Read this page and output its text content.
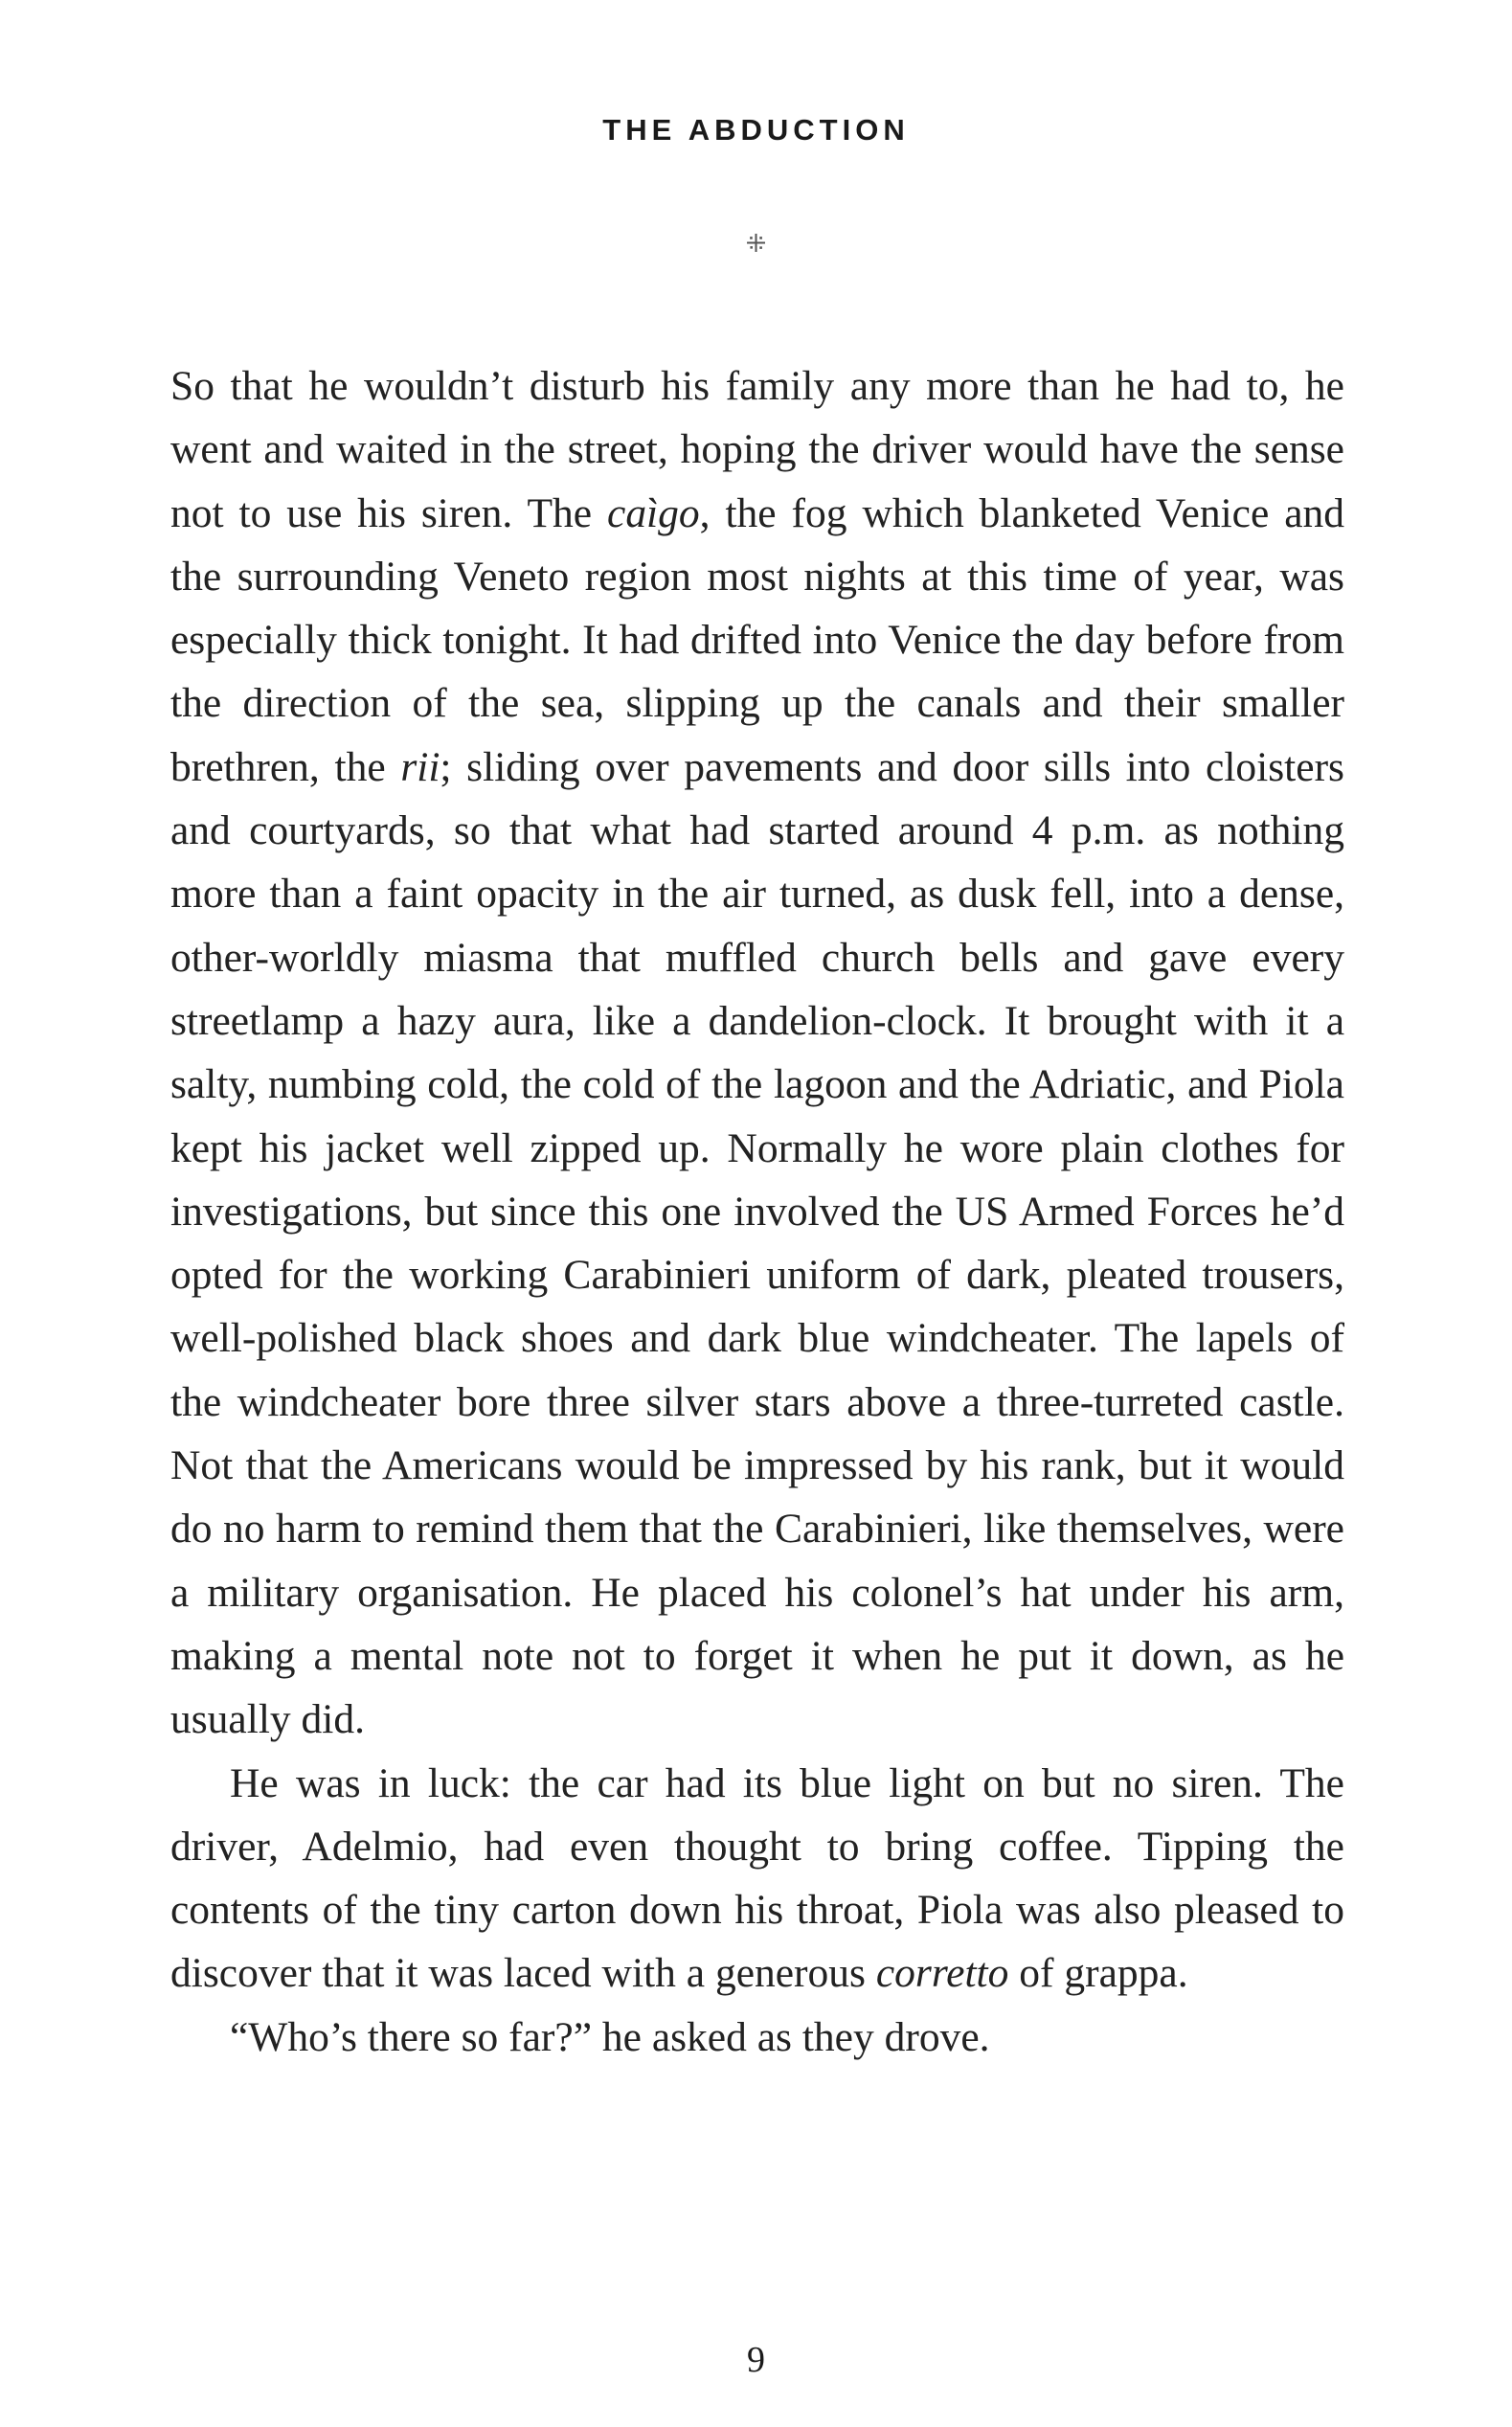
THE ABDUCTION
⁜

So that he wouldn’t disturb his family any more than he had to, he went and waited in the street, hoping the driver would have the sense not to use his siren. The caìgo, the fog which blanketed Venice and the surrounding Veneto region most nights at this time of year, was especially thick tonight. It had drifted into Venice the day before from the direction of the sea, slipping up the canals and their smaller brethren, the rii; sliding over pavements and door sills into cloisters and courtyards, so that what had started around 4 p.m. as nothing more than a faint opacity in the air turned, as dusk fell, into a dense, other-worldly miasma that muffled church bells and gave every streetlamp a hazy aura, like a dandelion-clock. It brought with it a salty, numbing cold, the cold of the lagoon and the Adriatic, and Piola kept his jacket well zipped up. Normally he wore plain clothes for investigations, but since this one involved the US Armed Forces he’d opted for the working Carabinieri uniform of dark, pleated trousers, well-polished black shoes and dark blue windcheater. The lapels of the windcheater bore three silver stars above a three-turreted castle. Not that the Americans would be impressed by his rank, but it would do no harm to remind them that the Carabinieri, like themselves, were a military organisation. He placed his colonel’s hat under his arm, making a mental note not to forget it when he put it down, as he usually did.

He was in luck: the car had its blue light on but no siren. The driver, Adelmio, had even thought to bring coffee. Tipping the contents of the tiny carton down his throat, Piola was also pleased to discover that it was laced with a generous corretto of grappa.

“Who’s there so far?” he asked as they drove.

9
